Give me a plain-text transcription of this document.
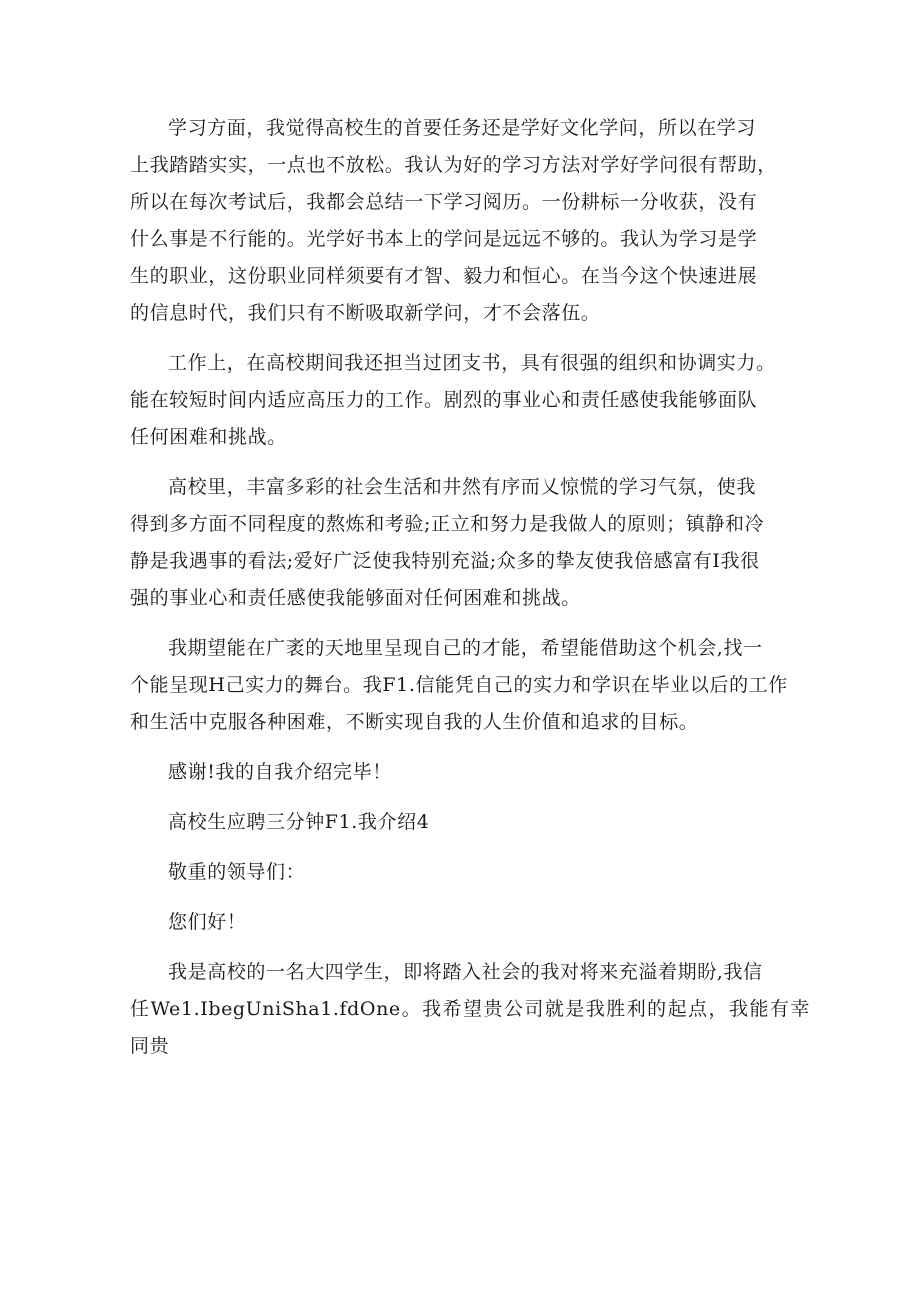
学习方面，我觉得高校生的首要任务还是学好文化学问，所以在学习
上我踏踏实实，一点也不放松。我认为好的学习方法对学好学问很有帮助，
所以在每次考试后，我都会总结一下学习阅历。一份耕标一分收获，没有
什么事是不行能的。光学好书本上的学问是远远不够的。我认为学习是学
生的职业，这份职业同样须要有才智、毅力和恒心。在当今这个快速进展
的信息时代，我们只有不断吸取新学问，才不会落伍。

工作上，在高校期间我还担当过团支书，具有很强的组织和协调实力。
能在较短时间内适应高压力的工作。剧烈的事业心和责任感使我能够面队
任何困难和挑战。

高校里，丰富多彩的社会生活和井然有序而乂惊慌的学习气氛，使我
得到多方面不同程度的熬炼和考验;正立和努力是我做人的原则；镇静和冷
静是我遇事的看法;爱好广泛使我特别充溢;众多的挚友使我倍感富有I我很
强的事业心和责任感使我能够面对任何困难和挑战。

我期望能在广袤的天地里呈现自己的才能，希望能借助这个机会,找一
个能呈现H己实力的舞台。我F1.信能凭自己的实力和学识在毕业以后的工作
和生活中克服各种困难，不断实现自我的人生价值和追求的目标。

感谢!我的自我介绍完毕！

高校生应聘三分钟F1.我介绍4

敬重的领导们：

您们好！

我是高校的一名大四学生，即将踏入社会的我对将来充溢着期盼,我信
任We1.IbegUniSha1.fdOne。我希望贵公司就是我胜利的起点，我能有幸同贵
